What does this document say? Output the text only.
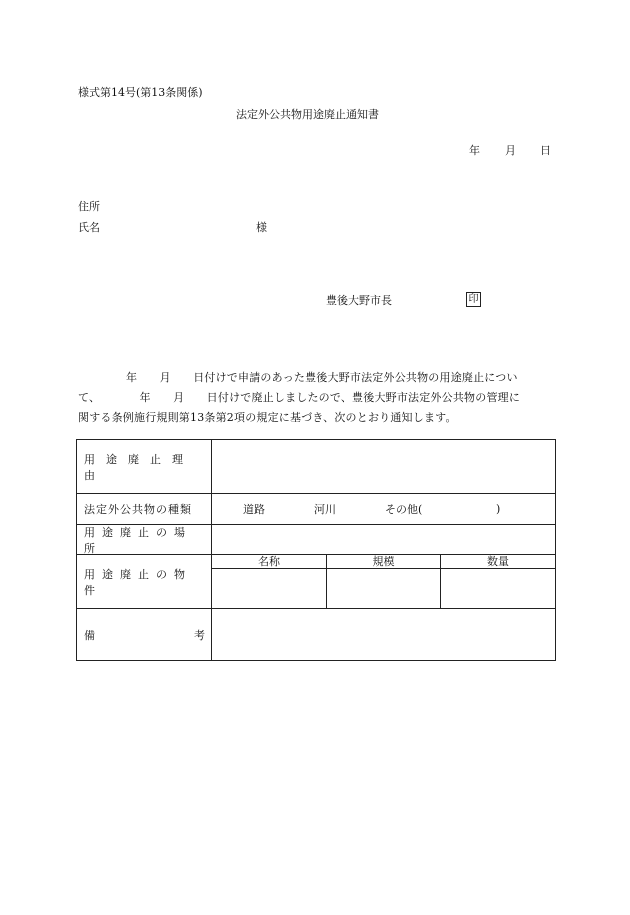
様式第14号(第13条関係)
法定外公共物用途廃止通知書
年 月 日
住所
氏名	様
豊後大野市長	印
年　　月　　日付けで申請のあった豊後大野市法定外公共物の用途廃止につい
て、　　　　年　　月　　日付けで廃止しましたので、豊後大野市法定外公共物の管理に
関する条例施行規則第13条第2項の規定に基づき、次のとおり通知します。
用途廃止理由
法定外公共物の種類	道路	河川	その他(	)
用途廃止の場所
用途廃止の物件
名称	規模	数量
備	考
